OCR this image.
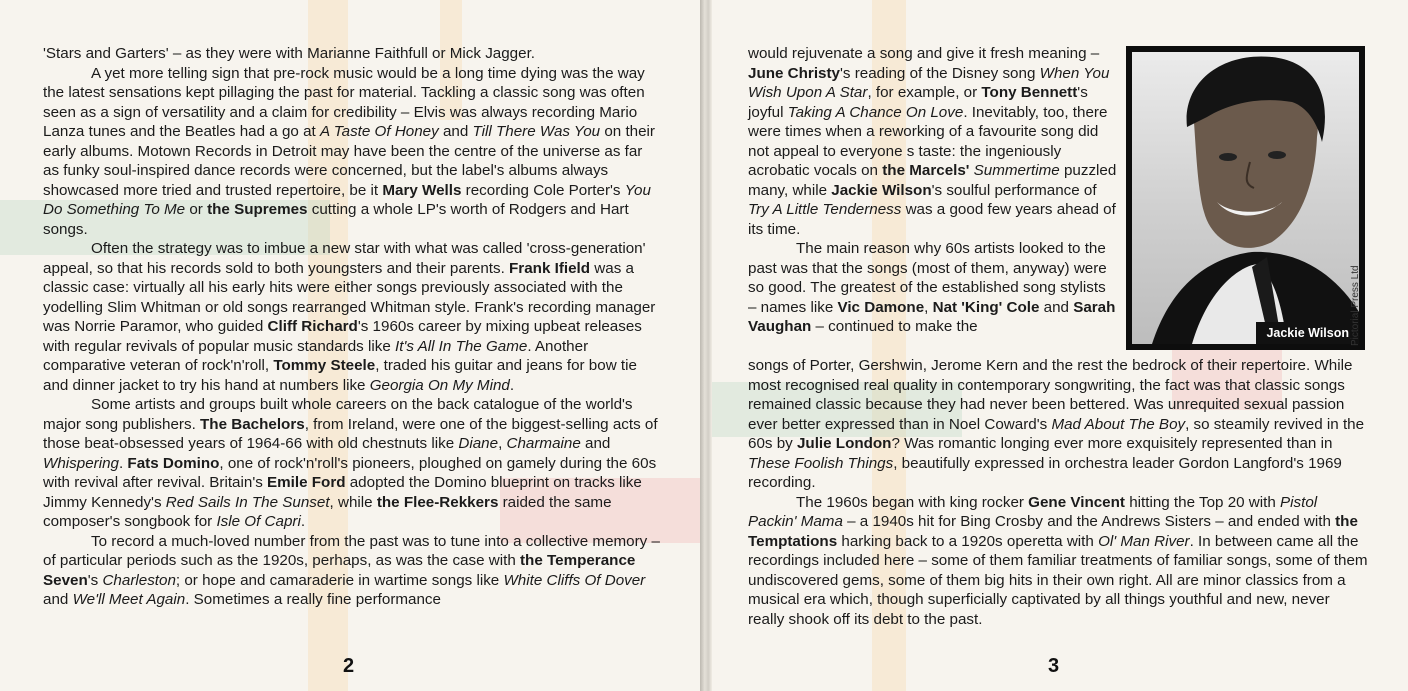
'Stars and Garters' – as they were with Marianne Faithfull or Mick Jagger.

A yet more telling sign that pre-rock music would be a long time dying was the way the latest sensations kept pillaging the past for material. Tackling a classic song was often seen as a sign of versatility and a claim for credibility – Elvis was always recording Mario Lanza tunes and the Beatles had a go at A Taste Of Honey and Till There Was You on their early albums. Motown Records in Detroit may have been the centre of the universe as far as funky soul-inspired dance records were concerned, but the label's albums always showcased more tried and trusted repertoire, be it Mary Wells recording Cole Porter's You Do Something To Me or the Supremes cutting a whole LP's worth of Rodgers and Hart songs.

Often the strategy was to imbue a new star with what was called 'cross-generation' appeal, so that his records sold to both youngsters and their parents. Frank Ifield was a classic case: virtually all his early hits were either songs previously associated with the yodelling Slim Whitman or old songs rearranged Whitman style. Frank's recording manager was Norrie Paramor, who guided Cliff Richard's 1960s career by mixing upbeat releases with regular revivals of popular music standards like It's All In The Game. Another comparative veteran of rock'n'roll, Tommy Steele, traded his guitar and jeans for bow tie and dinner jacket to try his hand at numbers like Georgia On My Mind.

Some artists and groups built whole careers on the back catalogue of the world's major song publishers. The Bachelors, from Ireland, were one of the biggest-selling acts of those beat-obsessed years of 1964-66 with old chestnuts like Diane, Charmaine and Whispering. Fats Domino, one of rock'n'roll's pioneers, ploughed on gamely during the 60s with revival after revival. Britain's Emile Ford adopted the Domino blueprint on tracks like Jimmy Kennedy's Red Sails In The Sunset, while the Flee-Rekkers raided the same composer's songbook for Isle Of Capri.

To record a much-loved number from the past was to tune into a collective memory – of particular periods such as the 1920s, perhaps, as was the case with the Temperance Seven's Charleston; or hope and camaraderie in wartime songs like White Cliffs Of Dover and We'll Meet Again. Sometimes a really fine performance

2

would rejuvenate a song and give it fresh meaning – June Christy's reading of the Disney song When You Wish Upon A Star, for example, or Tony Bennett's joyful Taking A Chance On Love. Inevitably, too, there were times when a reworking of a favourite song did not appeal to everyone s taste: the ingeniously acrobatic vocals on the Marcels' Summertime puzzled many, while Jackie Wilson's soulful performance of Try A Little Tenderness was a good few years ahead of its time.

The main reason why 60s artists looked to the past was that the songs (most of them, anyway) were so good. The greatest of the established song stylists – names like Vic Damone, Nat 'King' Cole and Sarah Vaughan – continued to make the

songs of Porter, Gershwin, Jerome Kern and the rest the bedrock of their repertoire. While most recognised real quality in contemporary songwriting, the fact was that classic songs remained classic because they had never been bettered. Was unrequited sexual passion ever better expressed than in Noel Coward's Mad About The Boy, so steamily revived in the 60s by Julie London? Was romantic longing ever more exquisitely represented than in These Foolish Things, beautifully expressed in orchestra leader Gordon Langford's 1969 recording.

The 1960s began with king rocker Gene Vincent hitting the Top 20 with Pistol Packin' Mama – a 1940s hit for Bing Crosby and the Andrews Sisters – and ended with the Temptations harking back to a 1920s operetta with Ol' Man River. In between came all the recordings included here – some of them familiar treatments of familiar songs, some of them undiscovered gems, some of them big hits in their own right. All are minor classics from a musical era which, though superficially captivated by all things youthful and new, never really shook off its debt to the past.

3
Jackie Wilson Pictorial Press Ltd
